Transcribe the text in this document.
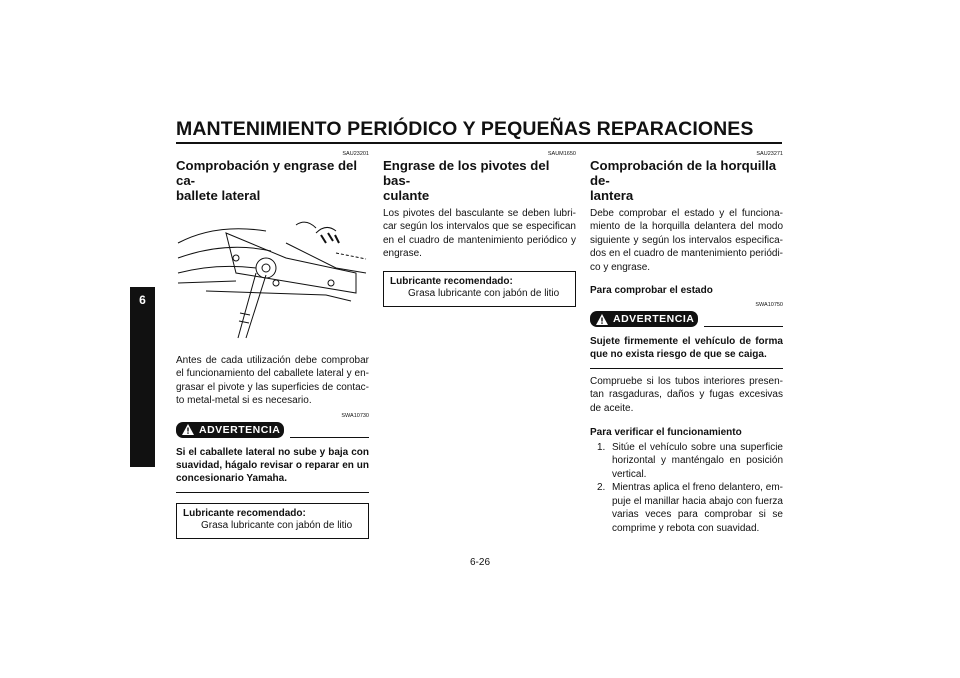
MANTENIMIENTO PERIÓDICO Y PEQUEÑAS REPARACIONES
6
SAU23201
Comprobación y engrase del ca-
ballete lateral

Antes de cada utilización debe comprobar el funcionamiento del caballete lateral y en-grasar el pivote y las superficies de contac-to metal-metal si es necesario.

SWA10730
ADVERTENCIA

Si el caballete lateral no sube y baja con suavidad, hágalo revisar o reparar en un concesionario Yamaha.

Lubricante recomendado:
Grasa lubricante con jabón de litio
SAUM1650
Engrase de los pivotes del bas-
culante

Los pivotes del basculante se deben lubri-car según los intervalos que se especifican en el cuadro de mantenimiento periódico y engrase.

Lubricante recomendado:
Grasa lubricante con jabón de litio
SAU23271
Comprobación de la horquilla de-
lantera

Debe comprobar el estado y el funciona-miento de la horquilla delantera del modo siguiente y según los intervalos especifica-dos en el cuadro de mantenimiento periódi-co y engrase.

Para comprobar el estado

SWA10750
ADVERTENCIA

Sujete firmemente el vehículo de forma que no exista riesgo de que se caiga.

Compruebe si los tubos interiores presen-tan rasgaduras, daños y fugas excesivas de aceite.

Para verificar el funcionamiento

1. Sitúe el vehículo sobre una superficie horizontal y manténgalo en posición vertical.
2. Mientras aplica el freno delantero, em-puje el manillar hacia abajo con fuerza varias veces para comprobar si se comprime y rebota con suavidad.
6-26
